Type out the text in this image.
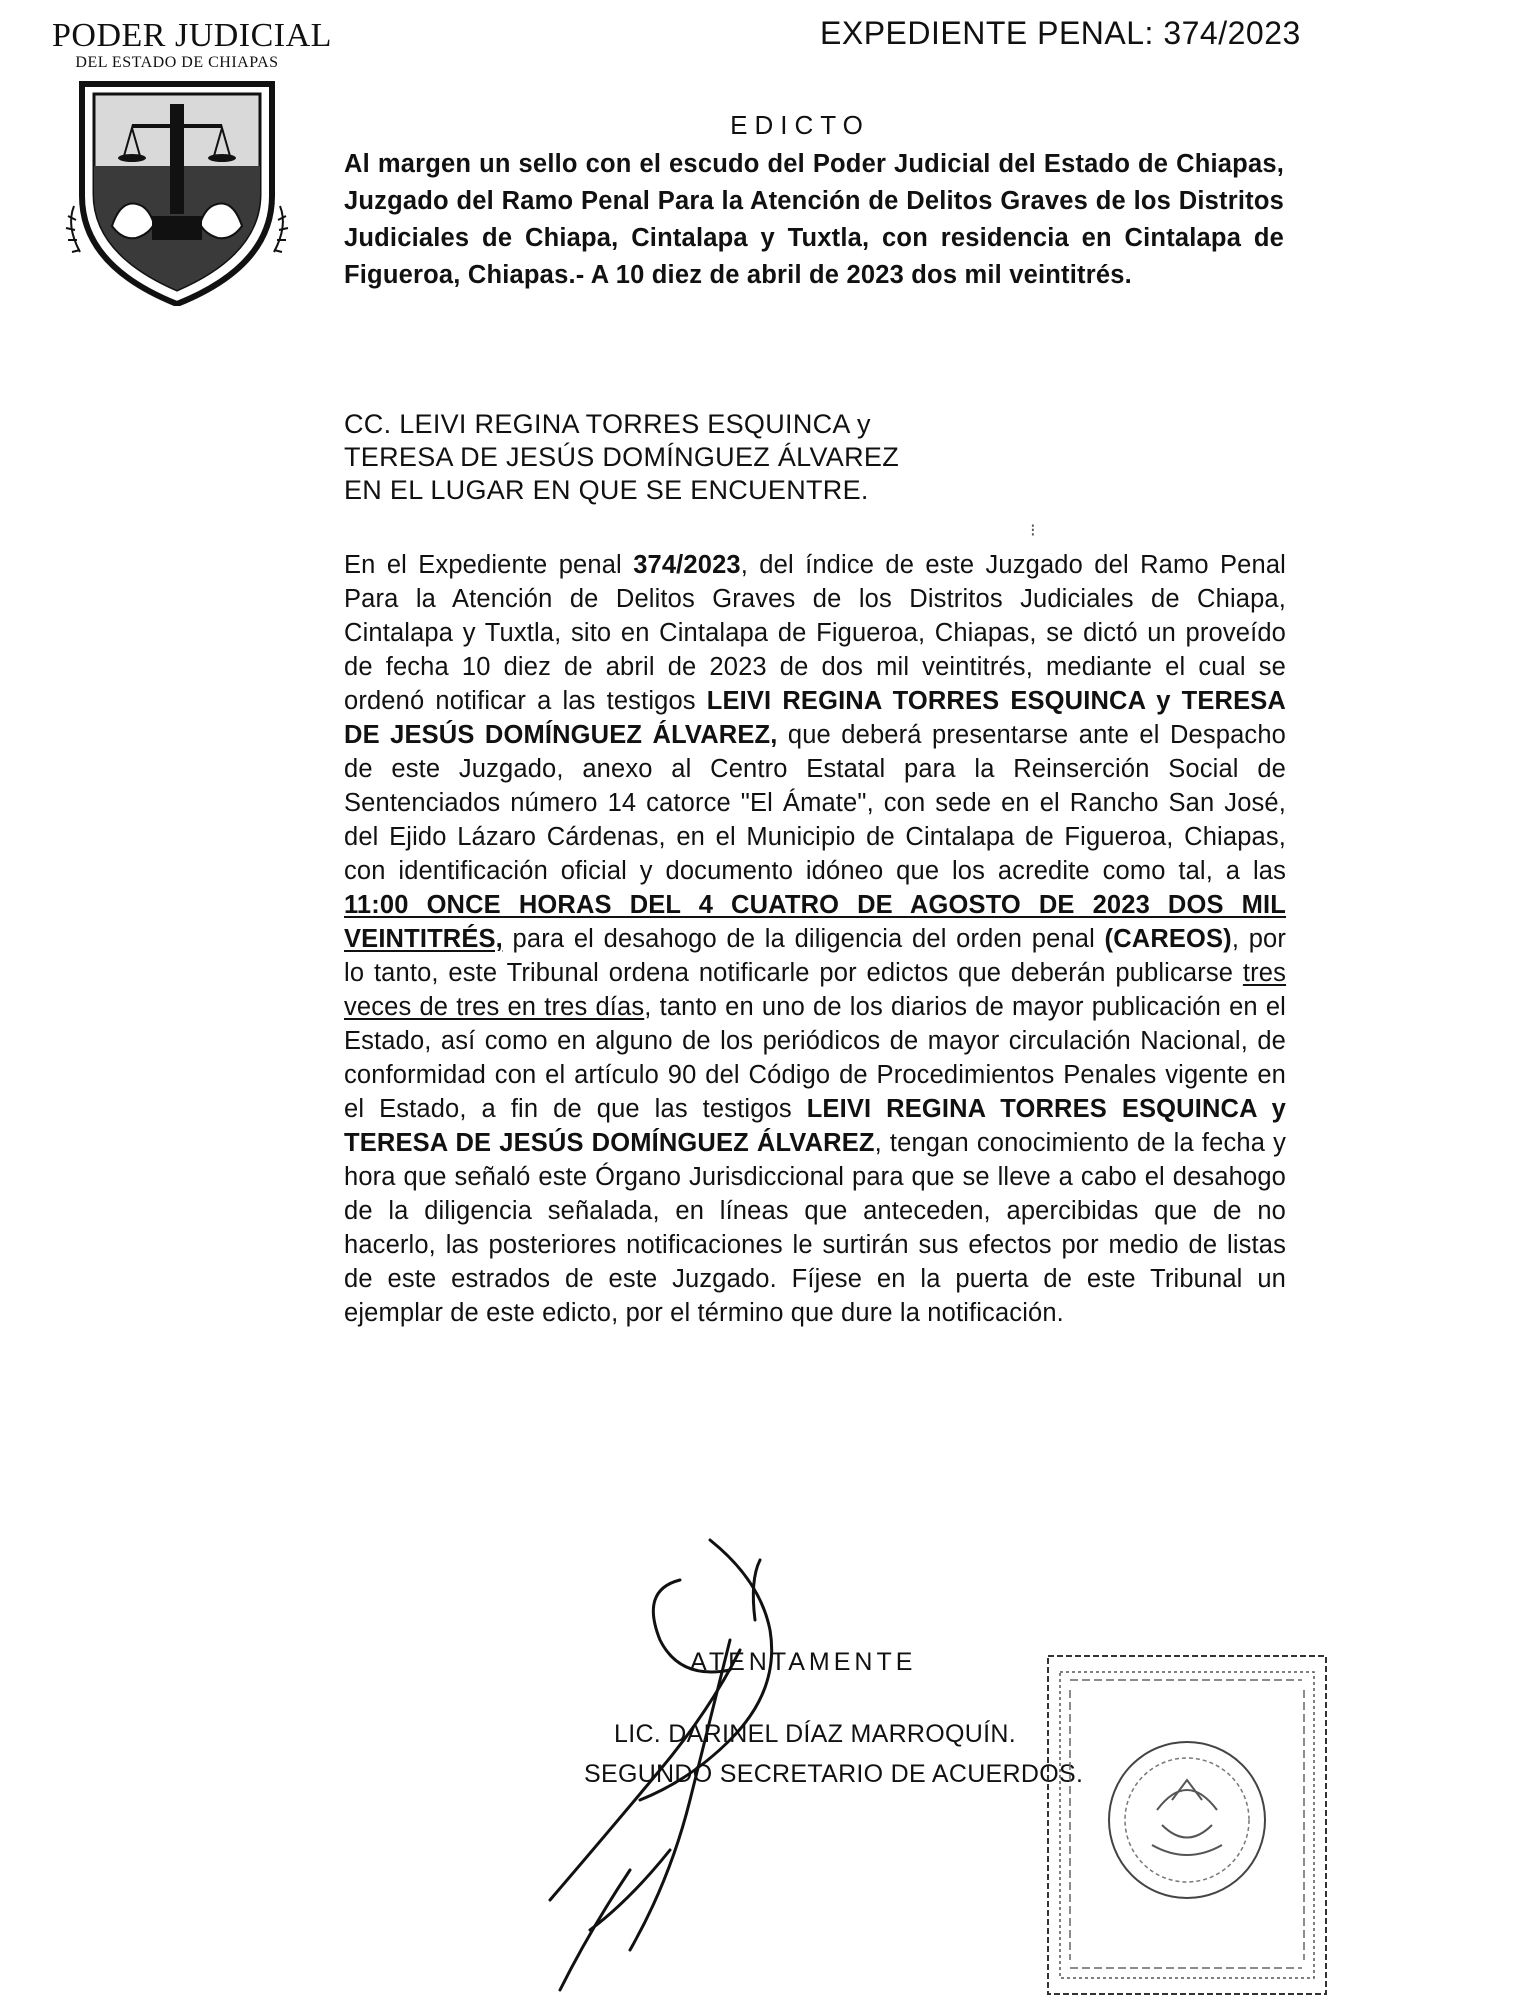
PODER JUDICIAL
DEL ESTADO DE CHIAPAS
EXPEDIENTE PENAL: 374/2023
EDICTO
Al margen un sello con el escudo del Poder Judicial del Estado de Chiapas, Juzgado del Ramo Penal Para la Atención de Delitos Graves de los Distritos Judiciales de Chiapa, Cintalapa y Tuxtla, con residencia en Cintalapa de Figueroa, Chiapas.- A 10 diez de abril de 2023 dos mil veintitrés.
CC. LEIVI REGINA TORRES ESQUINCA y
TERESA DE JESÚS DOMÍNGUEZ ÁLVAREZ
EN EL LUGAR EN QUE SE ENCUENTRE.
⁝
En el Expediente penal 374/2023, del índice de este Juzgado del Ramo Penal Para la Atención de Delitos Graves de los Distritos Judiciales de Chiapa, Cintalapa y Tuxtla, sito en Cintalapa de Figueroa, Chiapas, se dictó un proveído de fecha 10 diez de abril de 2023 de dos mil veintitrés, mediante el cual se ordenó notificar a las testigos LEIVI REGINA TORRES ESQUINCA y TERESA DE JESÚS DOMÍNGUEZ ÁLVAREZ, que deberá presentarse ante el Despacho de este Juzgado, anexo al Centro Estatal para la Reinserción Social de Sentenciados número 14 catorce "El Ámate", con sede en el Rancho San José, del Ejido Lázaro Cárdenas, en el Municipio de Cintalapa de Figueroa, Chiapas, con identificación oficial y documento idóneo que los acredite como tal, a las 11:00 ONCE HORAS DEL 4 CUATRO DE AGOSTO DE 2023 DOS MIL VEINTITRÉS, para el desahogo de la diligencia del orden penal (CAREOS), por lo tanto, este Tribunal ordena notificarle por edictos que deberán publicarse tres veces de tres en tres días, tanto en uno de los diarios de mayor publicación en el Estado, así como en alguno de los periódicos de mayor circulación Nacional, de conformidad con el artículo 90 del Código de Procedimientos Penales vigente en el Estado, a fin de que las testigos LEIVI REGINA TORRES ESQUINCA y TERESA DE JESÚS DOMÍNGUEZ ÁLVAREZ, tengan conocimiento de la fecha y hora que señaló este Órgano Jurisdiccional para que se lleve a cabo el desahogo de la diligencia señalada, en líneas que anteceden, apercibidas que de no hacerlo, las posteriores notificaciones le surtirán sus efectos por medio de listas de este estrados de este Juzgado. Fíjese en la puerta de este Tribunal un ejemplar de este edicto, por el término que dure la notificación.
ATENTAMENTE
LIC. DARINEL DÍAZ MARROQUÍN.
SEGUNDO SECRETARIO DE ACUERDOS.
